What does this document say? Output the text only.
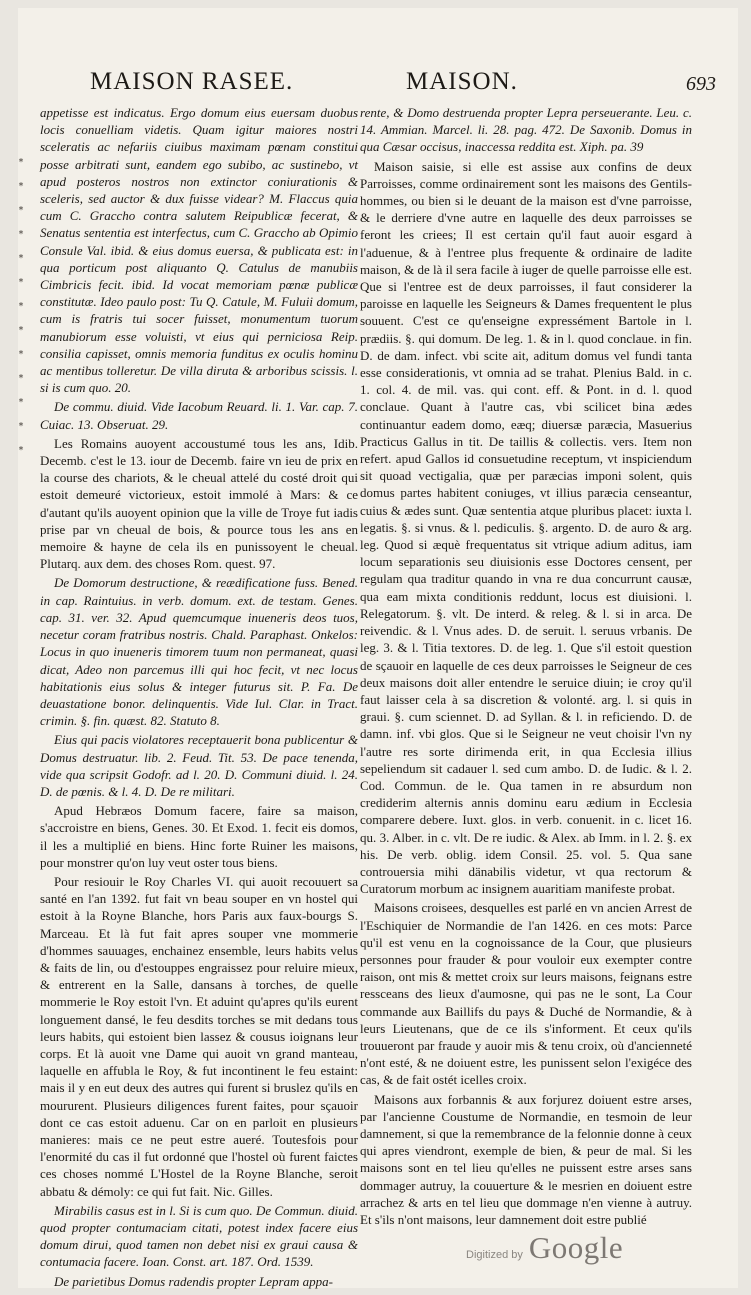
*
*
*
*
*
*
*
*
*
*
*
*
*
MAISON RASEE.	MAISON.	693

appetisse est indicatus. Ergo domum eius euersam duobus locis conuelliam videtis. Quam igitur maiores nostri sceleratis ac nefariis ciuibus maximam pœnam constitui posse arbitrati sunt, eandem ego subibo, ac sustinebo, vt apud posteros nostros non extinctor coniurationis & sceleris, sed auctor & dux fuisse videar? M. Flaccus quia cum C. Graccho contra salutem Reipublicæ fecerat, & Senatus sententia est interfectus, cum C. Graccho ab Opimio Consule Val. ibid. & eius domus euersa, & publicata est: in qua porticum post aliquanto Q. Catulus de manubiis Cimbricis fecit. ibid. Id vocat memoriam pœnæ publicæ constitutæ. Ideo paulo post: Tu Q. Catule, M. Fuluii domum, cum is fratris tui socer fuisset, monumentum tuorum manubiorum esse voluisti, vt eius qui perniciosa Reip. consilia capisset, omnis memoria funditus ex oculis hominu ac mentibus tolleretur. De villa diruta & arboribus scissis. l. si is cum quo. 20.

De commu. diuid. Vide Iacobum Reuard. li. 1. Var. cap. 7. Cuiac. 13. Obseruat. 29.

Les Romains auoyent accoustumé tous les ans, Idib. Decemb. c'est le 13. iour de Decemb. faire vn ieu de prix en la course des chariots, & le cheual attelé du costé droit qui estoit demeuré victorieux, estoit immolé à Mars: & ce d'autant qu'ils auoyent opinion que la ville de Troye fut iadis prise par vn cheual de bois, & pource tous les ans en memoire & hayne de cela ils en punissoyent le cheual. Plutarq. aux dem. des choses Rom. quest. 97.

De Domorum destructione, & reædificatione fuss. Bened. in cap. Raintuius. in verb. domum. ext. de testam. Genes. cap. 31. ver. 32. Apud quemcumque inueneris deos tuos, necetur coram fratribus nostris. Chald. Paraphast. Onkelos: Locus in quo inueneris timorem tuum non permaneat, quasi dicat, Adeo non parcemus illi qui hoc fecit, vt nec locus habitationis eius solus & integer futurus sit. P. Fa. De deuastatione bonor. delinquentis. Vide Iul. Clar. in Tract. crimin. §. fin. quæst. 82. Statuto 8.

Eius qui pacis violatores receptauerit bona publicentur & Domus destruatur. lib. 2. Feud. Tit. 53. De pace tenenda, vide qua scripsit Godofr. ad l. 20. D. Communi diuid. l. 24. D. de pœnis. & l. 4. D. De re militari.

Apud Hebræos Domum facere, faire sa maison, s'accroistre en biens, Genes. 30. Et Exod. 1. fecit eis domos, il les a multiplié en biens. Hinc forte Ruiner les maisons, pour monstrer qu'on luy veut oster tous biens.

Pour resiouir le Roy Charles VI. qui auoit recouuert sa santé en l'an 1392. fut fait vn beau souper en vn hostel qui estoit à la Royne Blanche, hors Paris aux faux-bourgs S. Marceau. Et là fut fait apres souper vne mommerie d'hommes sauuages, enchainez ensemble, leurs habits velus & faits de lin, ou d'estouppes engraissez pour reluire mieux, & entrerent en la Salle, dansans à torches, de quelle mommerie le Roy estoit l'vn. Et aduint qu'apres qu'ils eurent longuement dansé, le feu desdits torches se mit dedans tous leurs habits, qui estoient bien lassez & cousus ioignans leur corps. Et là auoit vne Dame qui auoit vn grand manteau, laquelle en affubla le Roy, & fut incontinent le feu estaint: mais il y en eut deux des autres qui furent si bruslez qu'ils en moururent. Plusieurs diligences furent faites, pour sçauoir dont ce cas estoit aduenu. Car on en parloit en plusieurs manieres: mais ce ne peut estre aueré. Toutesfois pour l'enormité du cas il fut ordonné que l'hostel où furent faictes ces choses nommé L'Hostel de la Royne Blanche, seroit abbatu & démoly: ce qui fut fait. Nic. Gilles.

Mirabilis casus est in l. Si is cum quo. De Commun. diuid. quod propter contumaciam citati, potest index facere eius domum dirui, quod tamen non debet nisi ex graui causa & contumacia facere. Ioan. Const. art. 187. Ord. 1539.

De parietibus Domus radendis propter Lepram appa-

rente, & Domo destruenda propter Lepra perseuerante. Leu. c. 14. Ammian. Marcel. li. 28. pag. 472. De Saxonib. Domus in qua Cæsar occisus, inaccessa reddita est. Xiph. pa. 39

Maison saisie, si elle est assise aux confins de deux Parroisses, comme ordinairement sont les maisons des Gentils-hommes, ou bien si le deuant de la maison est d'vne parroisse, & le derriere d'vne autre en laquelle des deux parroisses se feront les criees; Il est certain qu'il faut auoir esgard à l'aduenue, & à l'entree plus frequente & ordinaire de ladite maison, & de là il sera facile à iuger de quelle parroisse elle est. Que si l'entree est de deux parroisses, il faut considerer la paroisse en laquelle les Seigneurs & Dames frequentent le plus souuent. C'est ce qu'enseigne expressément Bartole in l. prædiis. §. qui domum. De leg. 1. & in l. quod conclaue. in fin. D. de dam. infect. vbi scite ait, aditum domus vel fundi tanta esse considerationis, vt omnia ad se trahat. Plenius Bald. in c. 1. col. 4. de mil. vas. qui cont. eff. & Pont. in d. l. quod conclaue. Quant à l'autre cas, vbi scilicet bina ædes continuantur eadem domo, eæq; diuersæ paræcia, Masuerius Practicus Gallus in tit. De taillis & collectis. vers. Item non refert. apud Gallos id consuetudine receptum, vt inspiciendum sit quoad vectigalia, quæ per paræcias imponi solent, quis domus partes habitent coniuges, vt illius paræcia censeantur, cuius & ædes sunt. Quæ sententia atque pluribus placet: iuxta l. legatis. §. si vnus. & l. pediculis. §. argento. D. de auro & arg. leg. Quod si æquè frequentatus sit vtrique adium aditus, iam locum separationis seu diuisionis esse Doctores censent, per regulam qua traditur quando in vna re dua concurrunt causæ, qua eam mixta conditionis reddunt, locus est diuisioni. l. Relegatorum. §. vlt. De interd. & releg. & l. si in arca. De reivendic. & l. Vnus ades. D. de seruit. l. seruus vrbanis. De leg. 3. & l. Titia textores. D. de leg. 1. Que s'il estoit question de sçauoir en laquelle de ces deux parroisses le Seigneur de ces deux maisons doit aller entendre le seruice diuin; ie croy qu'il faut laisser cela à sa discretion & volonté. arg. l. si quis in graui. §. cum sciennet. D. ad Syllan. & l. in reficiendo. D. de damn. inf. vbi glos. Que si le Seigneur ne veut choisir l'vn ny l'autre res sorte dirimenda erit, in qua Ecclesia illius sepeliendum sit cadauer l. sed cum ambo. D. de Iudic. & l. 2. Cod. Commun. de le. Qua tamen in re absurdum non crediderim alternis annis dominu earu ædium in Ecclesia comparere debere. Iuxt. glos. in verb. conuenit. in c. licet 16. qu. 3. Alber. in c. vlt. De re iudic. & Alex. ab Imm. in l. 2. §. ex his. De verb. oblig. idem Consil. 25. vol. 5. Qua sane controuersia mihi dänabilis videtur, vt qua rectorum & Curatorum morbum ac insignem auaritiam manifeste probat.

Maisons croisees, desquelles est parlé en vn ancien Arrest de l'Eschiquier de Normandie de l'an 1426. en ces mots: Parce qu'il est venu en la cognoissance de la Cour, que plusieurs personnes pour frauder & pour vouloir eux exempter contre raison, ont mis & mettet croix sur leurs maisons, feignans estre ressceans des lieux d'aumosne, qui pas ne le sont, La Cour commande aux Baillifs du pays & Duché de Normandie, & à leurs Lieutenans, que de ce ils s'informent. Et ceux qu'ils trouueront par fraude y auoir mis & tenu croix, où d'ancienneté n'ont esté, & ne doiuent estre, les punissent selon l'exigéce des cas, & de fait ostét icelles croix.

Maisons aux forbannis & aux forjurez doiuent estre arses, par l'ancienne Coustume de Normandie, en tesmoin de leur damnement, si que la remembrance de la felonnie donne à ceux qui apres viendront, exemple de bien, & peur de mal. Si les maisons sont en tel lieu qu'elles ne puissent estre arses sans dommager autruy, la couuerture & le mesrien en doiuent estre arrachez & arts en tel lieu que dommage n'en vienne à autruy. Et s'ils n'ont maisons, leur damnement doit estre publié

Digitized by Google
